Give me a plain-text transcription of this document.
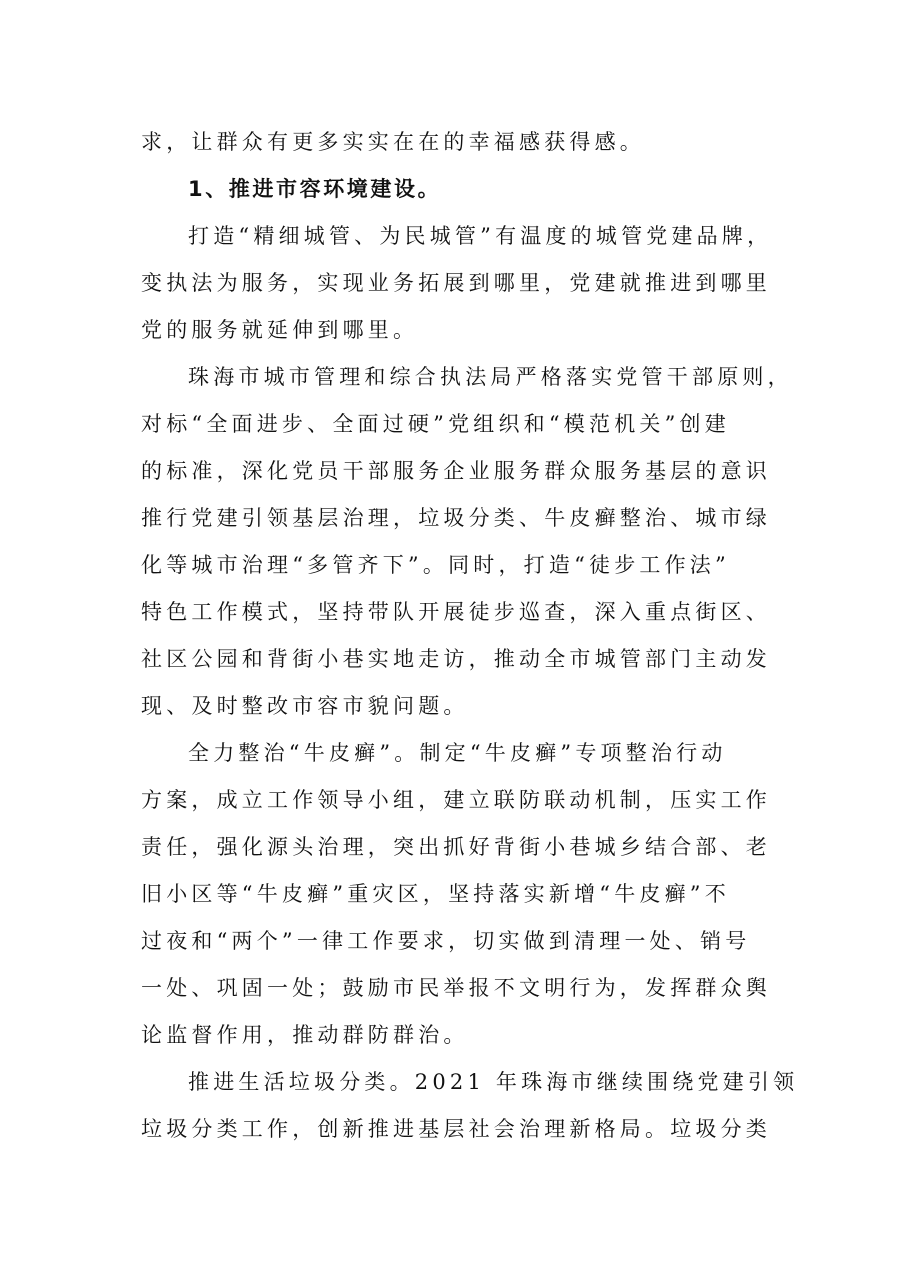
求，让群众有更多实实在在的幸福感获得感。
1、推进市容环境建设。
打造“精细城管、为民城管”有温度的城管党建品牌，
变执法为服务，实现业务拓展到哪里，党建就推进到哪里
党的服务就延伸到哪里。
珠海市城市管理和综合执法局严格落实党管干部原则，
对标“全面进步、全面过硬”党组织和“模范机关”创建
的标准，深化党员干部服务企业服务群众服务基层的意识
推行党建引领基层治理，垃圾分类、牛皮癣整治、城市绿
化等城市治理“多管齐下”。同时，打造“徒步工作法”
特色工作模式，坚持带队开展徒步巡查，深入重点街区、
社区公园和背街小巷实地走访，推动全市城管部门主动发
现、及时整改市容市貌问题。
全力整治“牛皮癣”。制定“牛皮癣”专项整治行动
方案，成立工作领导小组，建立联防联动机制，压实工作
责任，强化源头治理，突出抓好背街小巷城乡结合部、老
旧小区等“牛皮癣”重灾区，坚持落实新增“牛皮癣”不
过夜和“两个”一律工作要求，切实做到清理一处、销号
一处、巩固一处；鼓励市民举报不文明行为，发挥群众舆
论监督作用，推动群防群治。
推进生活垃圾分类。2021 年珠海市继续围绕党建引领
垃圾分类工作，创新推进基层社会治理新格局。垃圾分类
